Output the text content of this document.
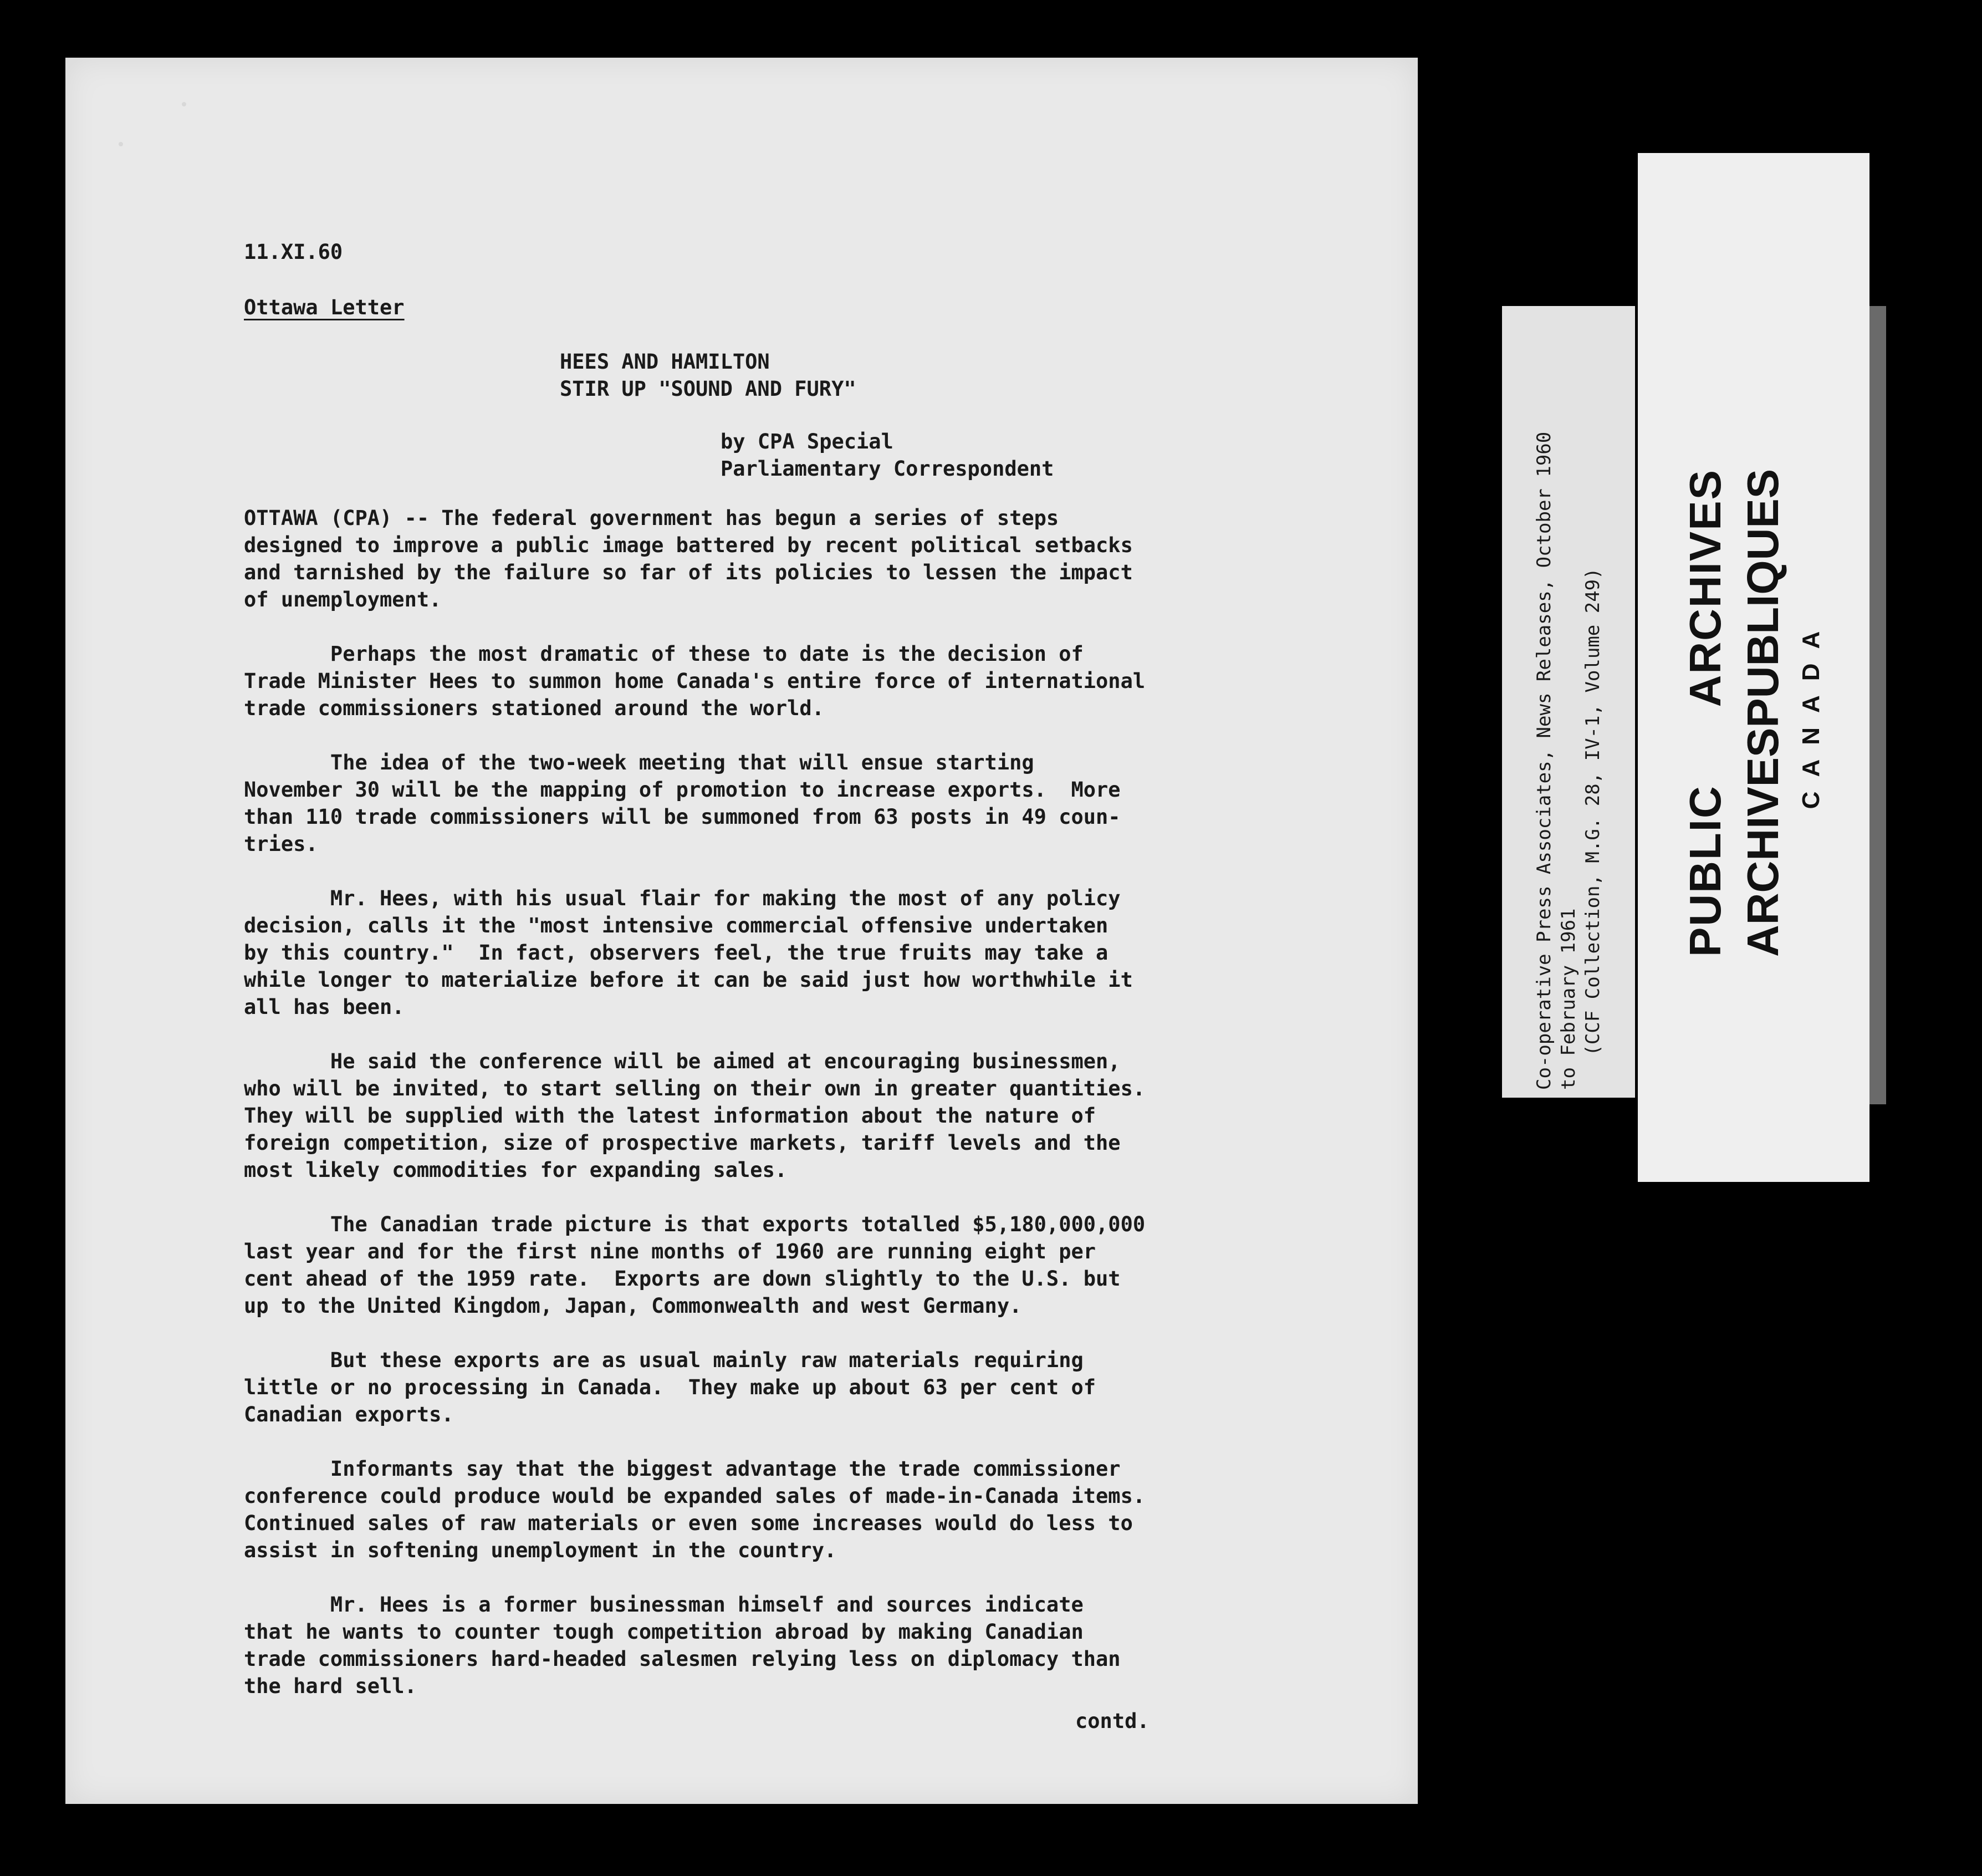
11.XI.60
Ottawa Letter
HEES AND HAMILTON
STIR UP "SOUND AND FURY"
by CPA Special
Parliamentary Correspondent
OTTAWA (CPA) -- The federal government has begun a series of steps
designed to improve a public image battered by recent political setbacks
and tarnished by the failure so far of its policies to lessen the impact
of unemployment.

Perhaps the most dramatic of these to date is the decision of
Trade Minister Hees to summon home Canada's entire force of international
trade commissioners stationed around the world.

The idea of the two-week meeting that will ensue starting
November 30 will be the mapping of promotion to increase exports.  More
than 110 trade commissioners will be summoned from 63 posts in 49 coun-
tries.

Mr. Hees, with his usual flair for making the most of any policy
decision, calls it the "most intensive commercial offensive undertaken
by this country."  In fact, observers feel, the true fruits may take a
while longer to materialize before it can be said just how worthwhile it
all has been.

He said the conference will be aimed at encouraging businessmen,
who will be invited, to start selling on their own in greater quantities.
They will be supplied with the latest information about the nature of
foreign competition, size of prospective markets, tariff levels and the
most likely commodities for expanding sales.

The Canadian trade picture is that exports totalled $5,180,000,000
last year and for the first nine months of 1960 are running eight per
cent ahead of the 1959 rate.  Exports are down slightly to the U.S. but
up to the United Kingdom, Japan, Commonwealth and west Germany.

But these exports are as usual mainly raw materials requiring
little or no processing in Canada.  They make up about 63 per cent of
Canadian exports.

Informants say that the biggest advantage the trade commissioner
conference could produce would be expanded sales of made-in-Canada items.
Continued sales of raw materials or even some increases would do less to
assist in softening unemployment in the country.

Mr. Hees is a former businessman himself and sources indicate
that he wants to counter tough competition abroad by making Canadian
trade commissioners hard-headed salesmen relying less on diplomacy than
the hard sell.
contd.
Co-operative Press Associates, News Releases, October 1960
to February 1961
(CCF Collection, M.G. 28, IV-1, Volume 249)
PUBLIC
ARCHIVES
ARCHIVES
PUBLIQUES CANADA
